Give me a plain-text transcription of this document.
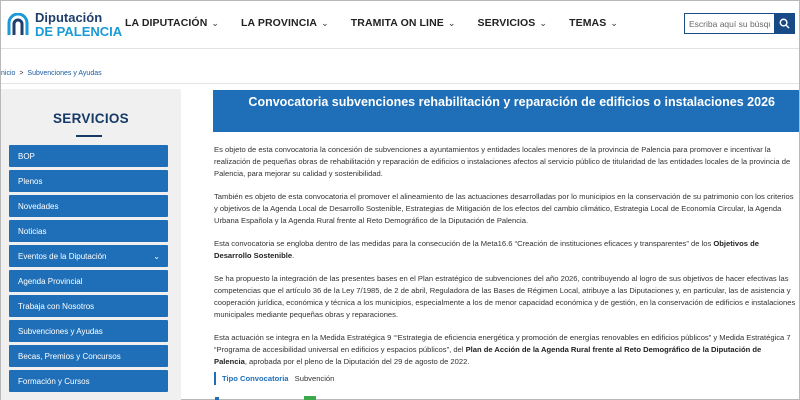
Diputación
DE PALENCIA
LA DIPUTACIÓN ⌄ LA PROVINCIA ⌄ TRAMITA ON LINE ⌄ SERVICIOS ⌄ TEMAS ⌄
Escriba aquí su búsqued
nicio > Subvenciones y Ayudas
SERVICIOS
BOP
Plenos
Novedades
Noticias
Eventos de la Diputación	⌄
Agenda Provincial
Trabaja con Nosotros
Subvenciones y Ayudas
Becas, Premios y Concursos
Formación y Cursos
Convocatoria subvenciones rehabilitación y reparación de edificios o instalaciones 2026

Es objeto de esta convocatoria la concesión de subvenciones a ayuntamientos y entidades locales menores de la provincia de Palencia para promover e incentivar la realización de pequeñas obras de rehabilitación y reparación de edificios o instalaciones afectos al servicio público de titularidad de las entidades locales de la provincia de Palencia, para mejorar su calidad y sostenibilidad.

También es objeto de esta convocatoria el promover el alineamiento de las actuaciones desarrolladas por lo municipios en la conservación de su patrimonio con los criterios y objetivos de la Agenda Local de Desarrollo Sostenible, Estrategias de Mitigación de los efectos del cambio climático, Estrategia Local de Economía Circular, la Agenda Urbana Española y la Agenda Rural frente al Reto Demográfico de la Diputación de Palencia.

Esta convocatoria se engloba dentro de las medidas para la consecución de la Meta16.6 “Creación de instituciones eficaces y transparentes” de los Objetivos de Desarrollo Sostenible.

Se ha propuesto la integración de las presentes bases en el Plan estratégico de subvenciones del año 2026, contribuyendo al logro de sus objetivos de hacer efectivas las competencias que el artículo 36 de la Ley 7/1985, de 2 de abril, Reguladora de las Bases de Régimen Local, atribuye a las Diputaciones y, en particular, las de asistencia y cooperación jurídica, económica y técnica a los municipios, especialmente a los de menor capacidad económica y de gestión, en la conservación de edificios e instalaciones municipales mediante pequeñas obras y reparaciones.

Esta actuación se integra en la Medida Estratégica 9 ‘“Estrategia de eficiencia energética y promoción de energías renovables en edificios públicos” y Medida Estratégica 7 “Programa de accesibilidad universal en edificios y espacios públicos”, del Plan de Acción de la Agenda Rural frente al Reto Demográfico de la Diputación de Palencia, aprobada por el pleno de la Diputación del 29 de agosto de 2022.

Tipo Convocatoria Subvención
